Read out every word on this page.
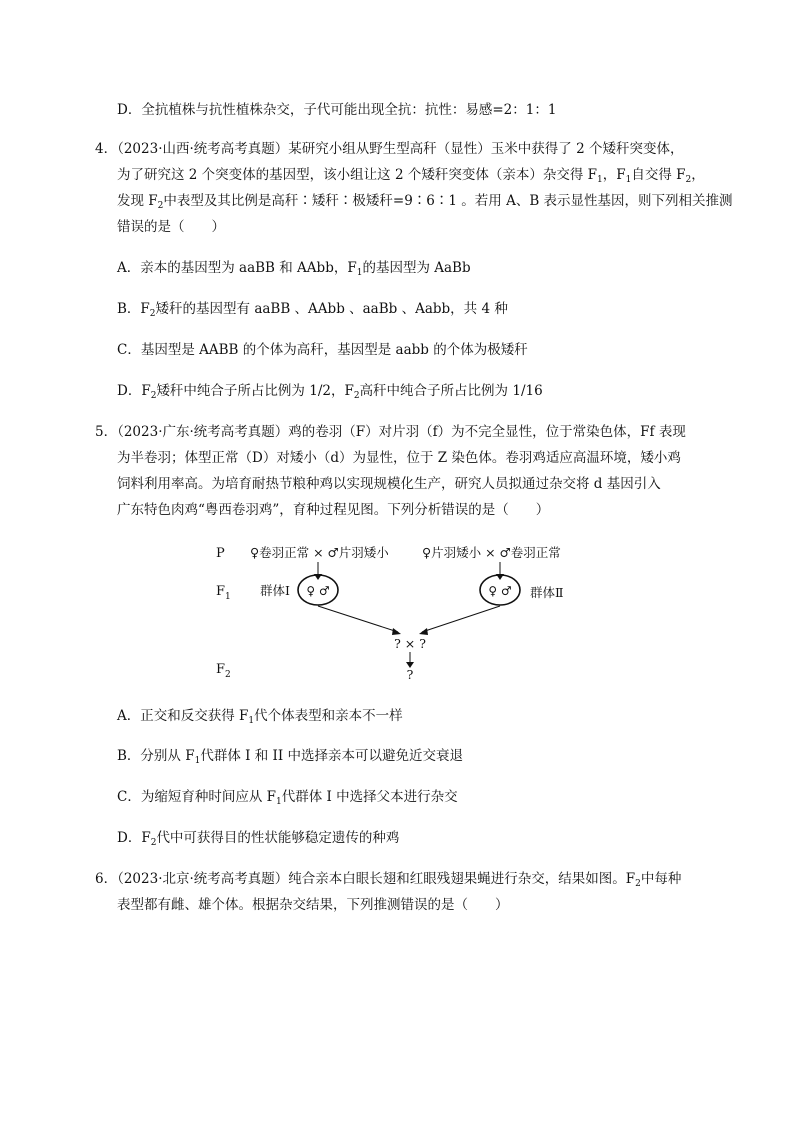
D．全抗植株与抗性植株杂交，子代可能出现全抗：抗性：易感=2：1：1
4．（2023·山西·统考高考真题）某研究小组从野生型高秆（显性）玉米中获得了 2 个矮秆突变体，
为了研究这 2 个突变体的基因型，该小组让这 2 个矮秆突变体（亲本）杂交得 $F_1$，$F_1$自交得 $F_2$，
发现 $F_2$中表型及其比例是高秆∶矮秆∶极矮秆=9∶6∶1 。若用 A、B 表示显性基因，则下列相关推测
错误的是（　　）
A．亲本的基因型为 aaBB 和 AAbb，$F_1$的基因型为 AaBb
B．$F_2$矮秆的基因型有 aaBB 、AAbb 、aaBb 、Aabb，共 4 种
C．基因型是 AABB 的个体为高秆，基因型是 aabb 的个体为极矮秆
D．$F_2$矮秆中纯合子所占比例为 1/2，$F_2$高秆中纯合子所占比例为 1/16
5．（2023·广东·统考高考真题）鸡的卷羽（F）对片羽（f）为不完全显性，位于常染色体，Ff 表现
为半卷羽；体型正常（D）对矮小（d）为显性，位于 Z 染色体。卷羽鸡适应高温环境，矮小鸡
饲料利用率高。为培育耐热节粮种鸡以实现规模化生产，研究人员拟通过杂交将 d 基因引入
广东特色肉鸡“粤西卷羽鸡”，育种过程见图。下列分析错误的是（　　）
P
$F_1$
$F_2$
♀卷羽正常 × ♂片羽矮小	♀片羽矮小 × ♂卷羽正常
群体Ⅰ ♀ ♂	♀ ♂ 群体Ⅱ
? × ?
?
A．正交和反交获得 $F_1$代个体表型和亲本不一样
B．分别从 $F_1$代群体 I 和 II 中选择亲本可以避免近交衰退
C．为缩短育种时间应从 $F_1$代群体 I 中选择父本进行杂交
D．$F_2$代中可获得目的性状能够稳定遗传的种鸡
6．（2023·北京·统考高考真题）纯合亲本白眼长翅和红眼残翅果蝇进行杂交，结果如图。$F_2$中每种
表型都有雌、雄个体。根据杂交结果，下列推测错误的是（　　）
